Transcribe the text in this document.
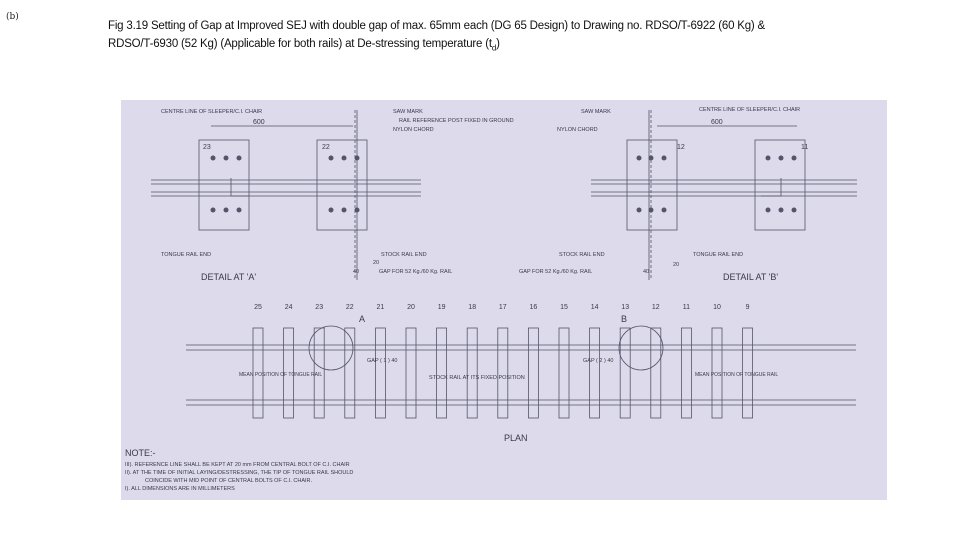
(b)
Fig 3.19 Setting of Gap at Improved SEJ with double gap of max. 65mm each (DG 65 Design) to Drawing no. RDSO/T-6922 (60 Kg) &
RDSO/T-6930 (52 Kg) (Applicable for both rails) at De-stressing temperature $(t_d)$
CENTRE LINE OF SLEEPER/C.I. CHAIR
600
SAW MARK
RAIL REFERENCE POST FIXED IN GROUND
NYLON CHORD
23	22
TONGUE RAIL END	STOCK RAIL END
20
40	GAP FOR 52 Kg./60 Kg. RAIL
DETAIL AT 'A'
CENTRE LINE OF SLEEPER/C.I. CHAIR
600
SAW MARK
NYLON CHORD
12	11
TONGUE RAIL END
STOCK RAIL END
20
40
GAP FOR 52 Kg./60 Kg. RAIL	DETAIL AT 'B'
25	24	23	22	21	20	19	18	17	16	15	14	13	12	11	10	9
A	B
GAP ( 1 ) 40	GAP ( 2 ) 40
MEAN POSITION OF TONGUE RAIL	STOCK RAIL AT ITS FIXED POSITION	MEAN POSITION OF TONGUE RAIL
PLAN
NOTE:-
III). REFERENCE LINE SHALL BE KEPT AT 20 mm FROM CENTRAL BOLT OF C.I. CHAIR
II). AT THE TIME OF INITIAL LAYING/DESTRESSING, THE TIP OF TONGUE RAIL SHOULD
COINCIDE WITH MID POINT OF CENTRAL BOLTS OF C.I. CHAIR.
I). ALL DIMENSIONS ARE IN MILLIMETERS
